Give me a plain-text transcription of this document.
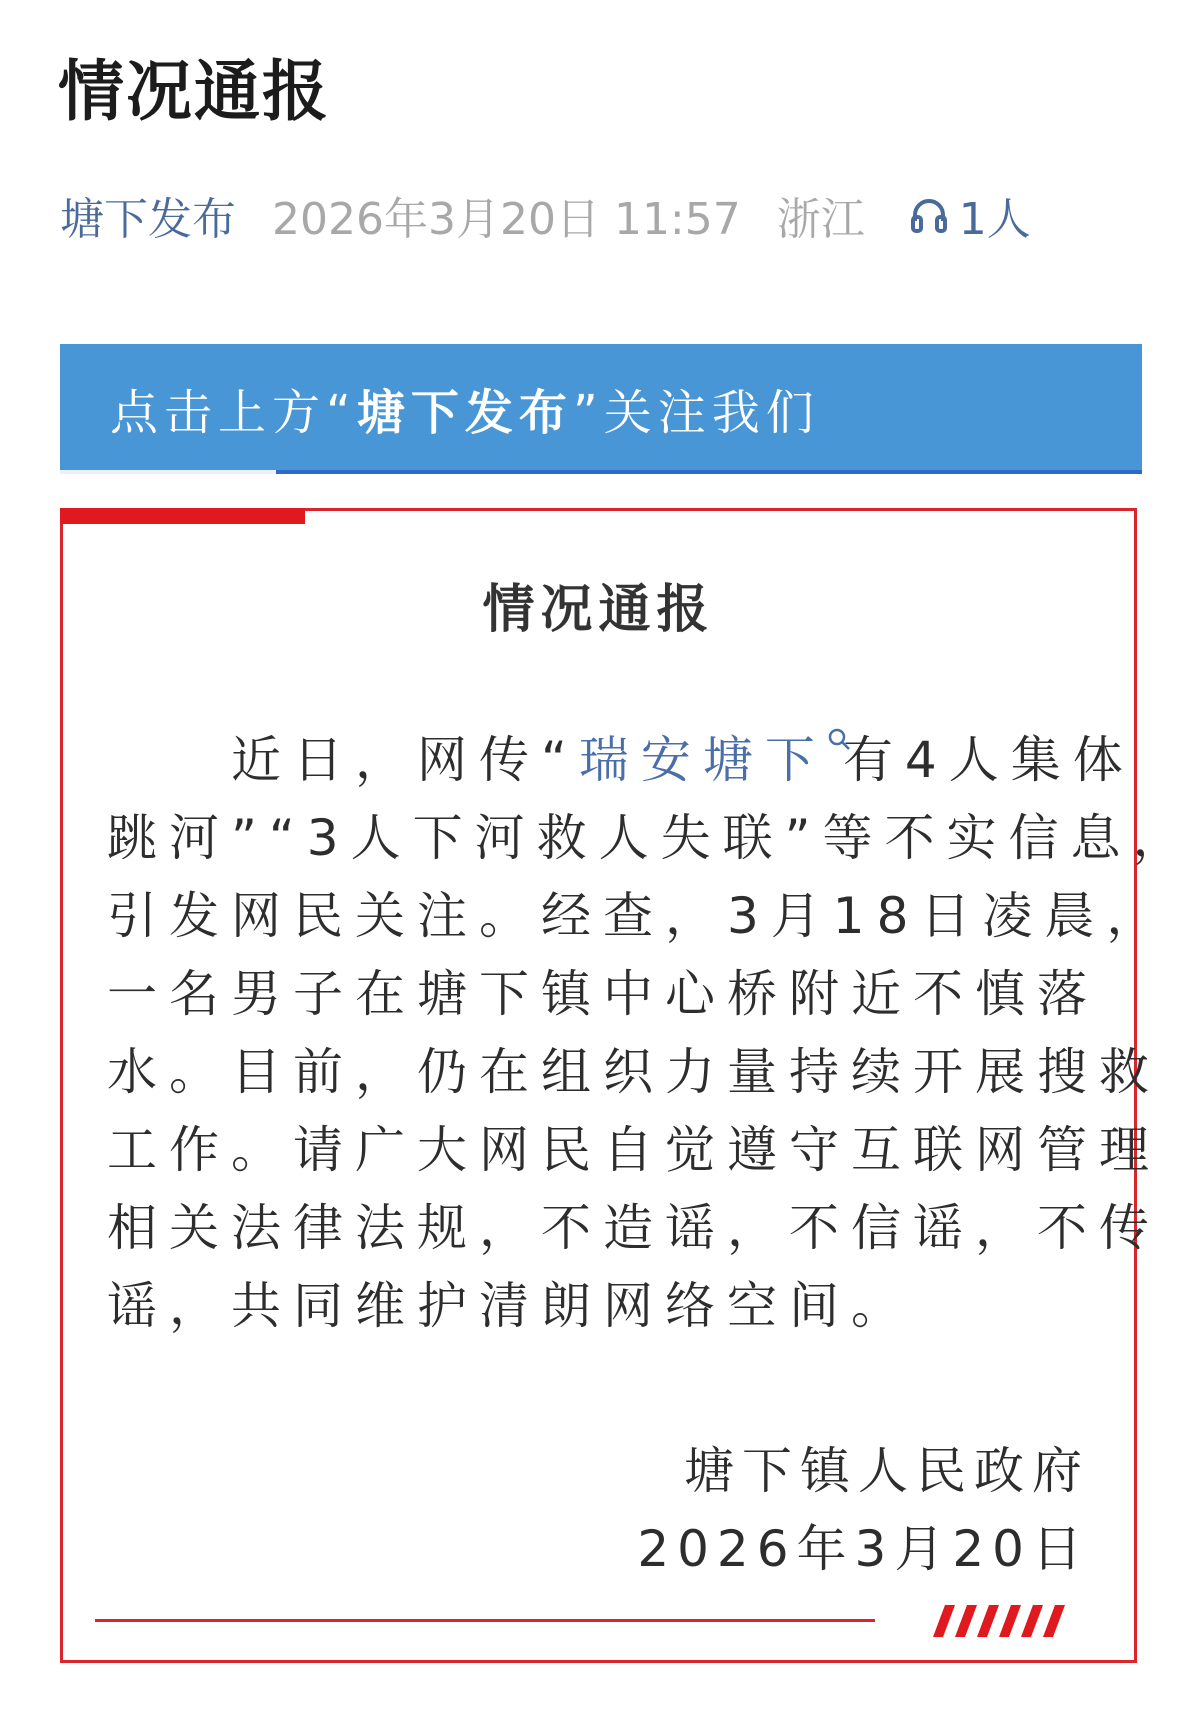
情况通报
塘下发布 2026年3月20日 11:57 浙江 1人
点击上方“塘下发布”关注我们
情况通报
　　近日，网传“瑞安塘下 有4人集体
跳河”“3人下河救人失联”等不实信息，
引发网民关注。经查，3月18日凌晨，
一名男子在塘下镇中心桥附近不慎落
水。目前，仍在组织力量持续开展搜救
工作。请广大网民自觉遵守互联网管理
相关法律法规，不造谣，不信谣，不传
谣，共同维护清朗网络空间。
塘下镇人民政府
2026年3月20日
